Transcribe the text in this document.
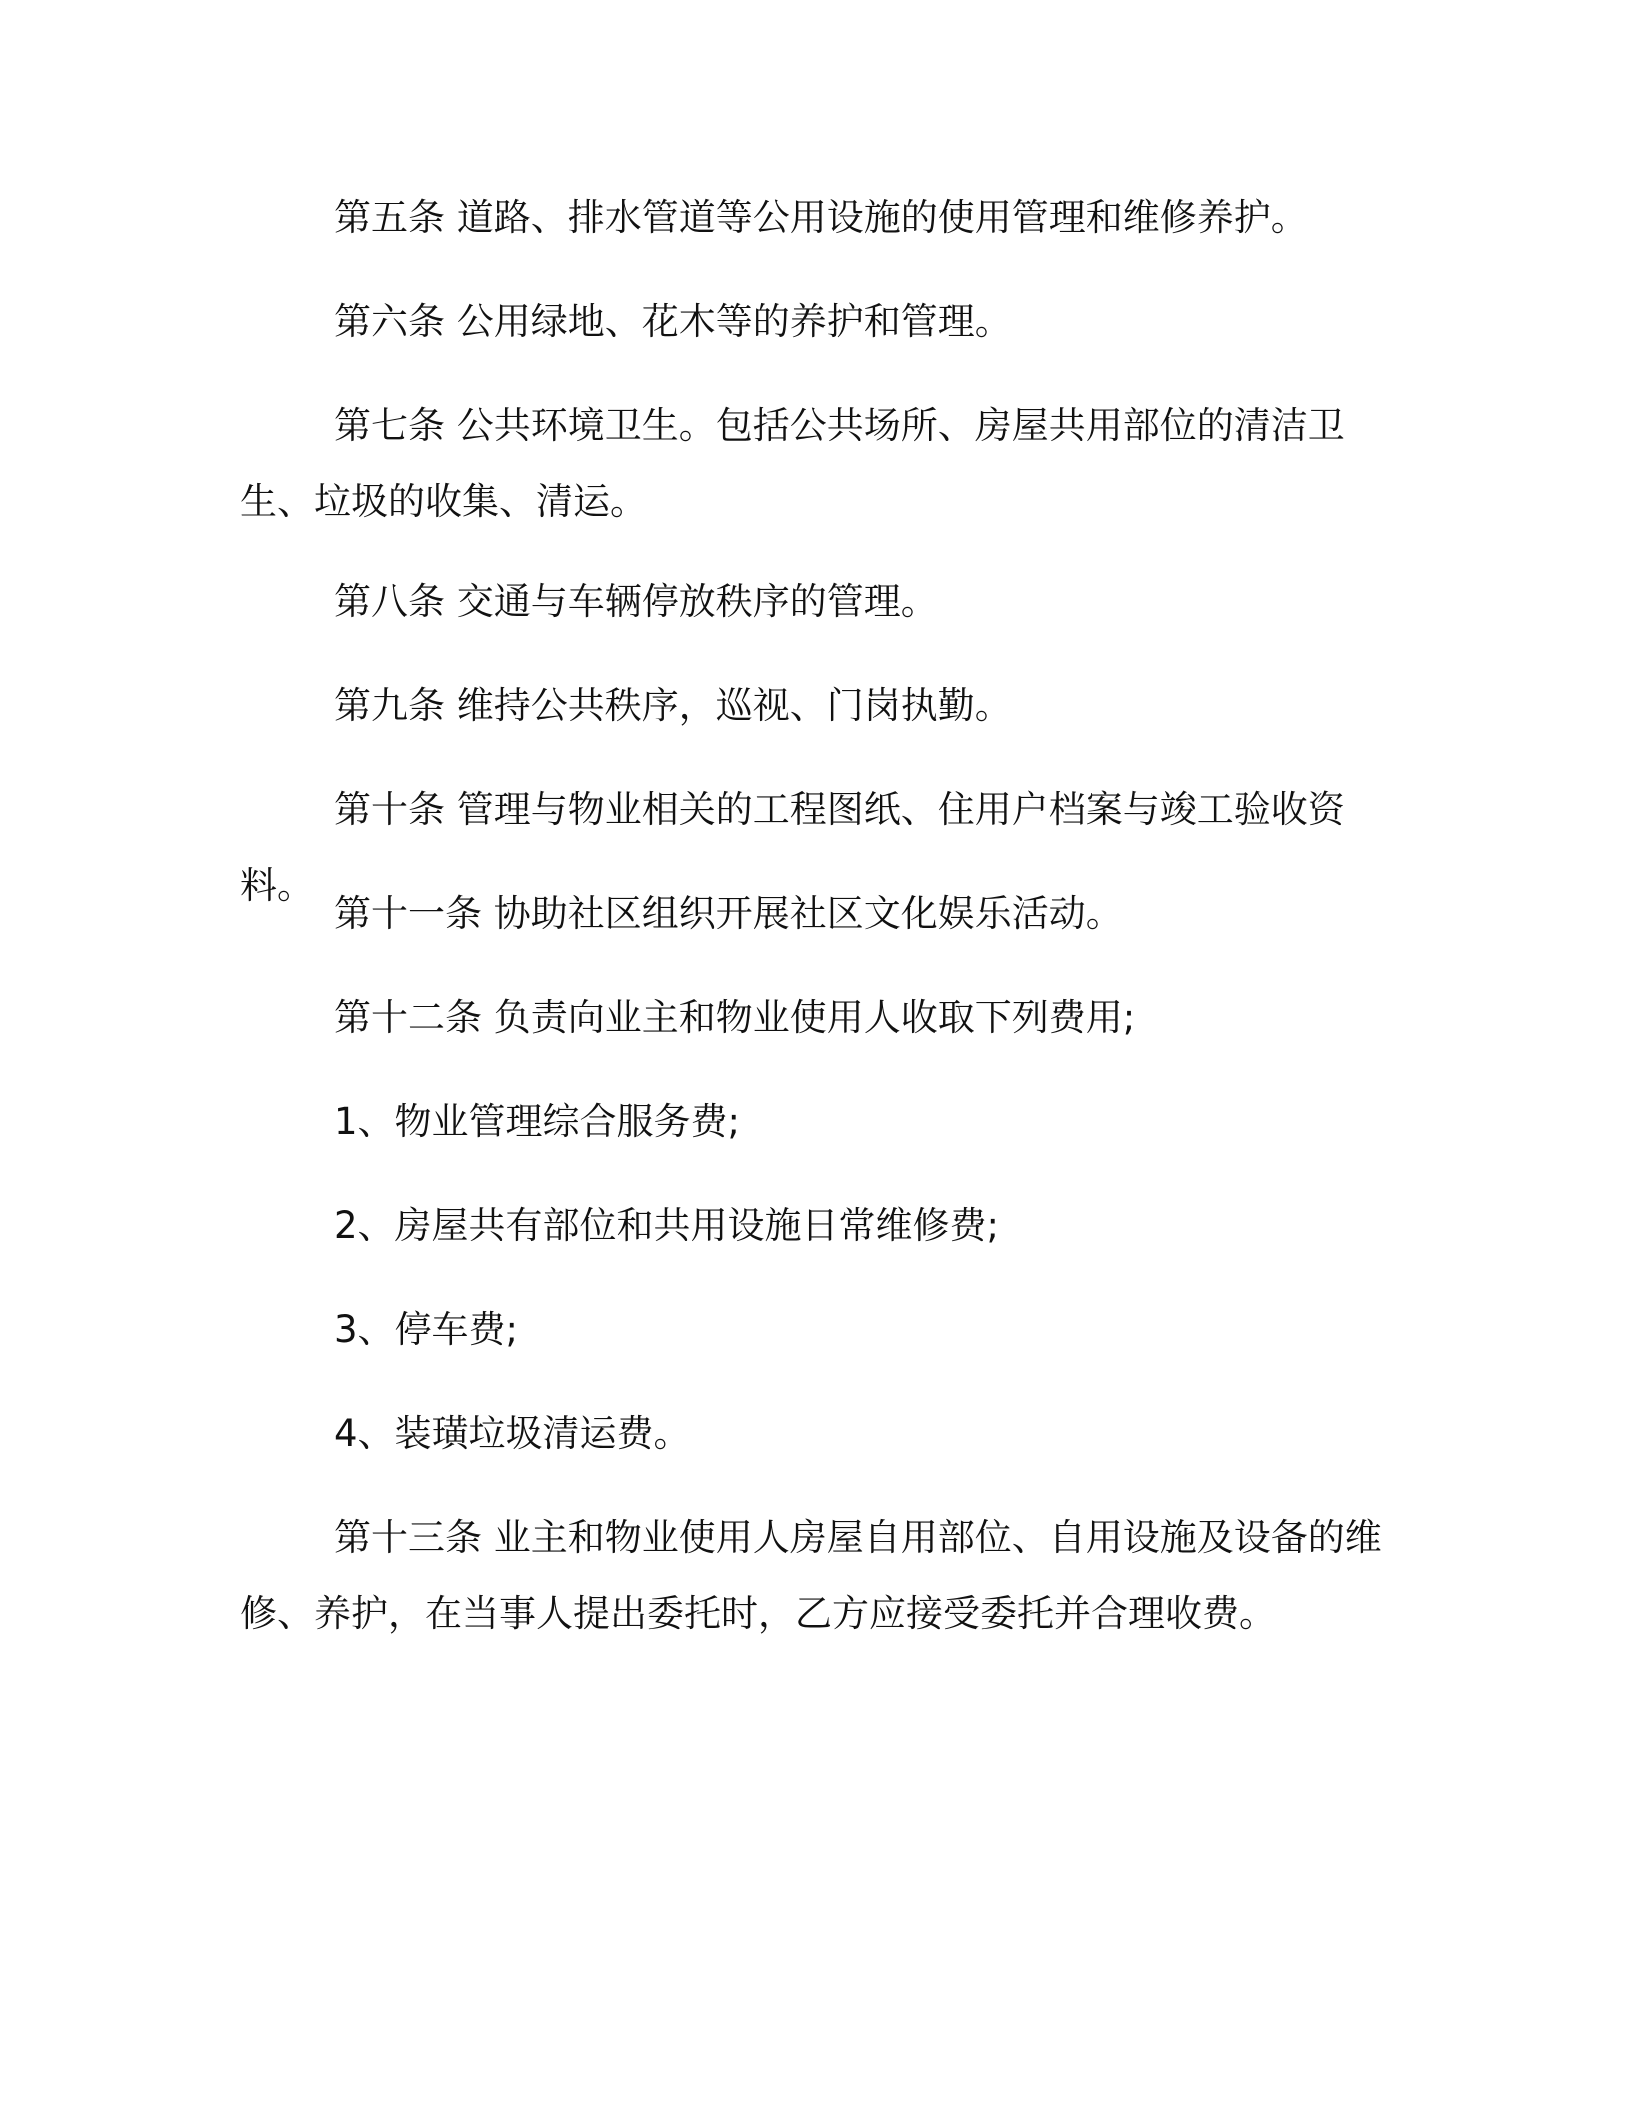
第五条 道路、排水管道等公用设施的使用管理和维修养护。

第六条 公用绿地、花木等的养护和管理。

第七条 公共环境卫生。包括公共场所、房屋共用部位的清洁卫生、垃圾的收集、清运。

第八条 交通与车辆停放秩序的管理。

第九条 维持公共秩序，巡视、门岗执勤。

第十条 管理与物业相关的工程图纸、住用户档案与竣工验收资料。

第十一条 协助社区组织开展社区文化娱乐活动。

第十二条 负责向业主和物业使用人收取下列费用;

1、物业管理综合服务费;

2、房屋共有部位和共用设施日常维修费;

3、停车费;

4、装璜垃圾清运费。

第十三条 业主和物业使用人房屋自用部位、自用设施及设备的维修、养护，在当事人提出委托时，乙方应接受委托并合理收费。
